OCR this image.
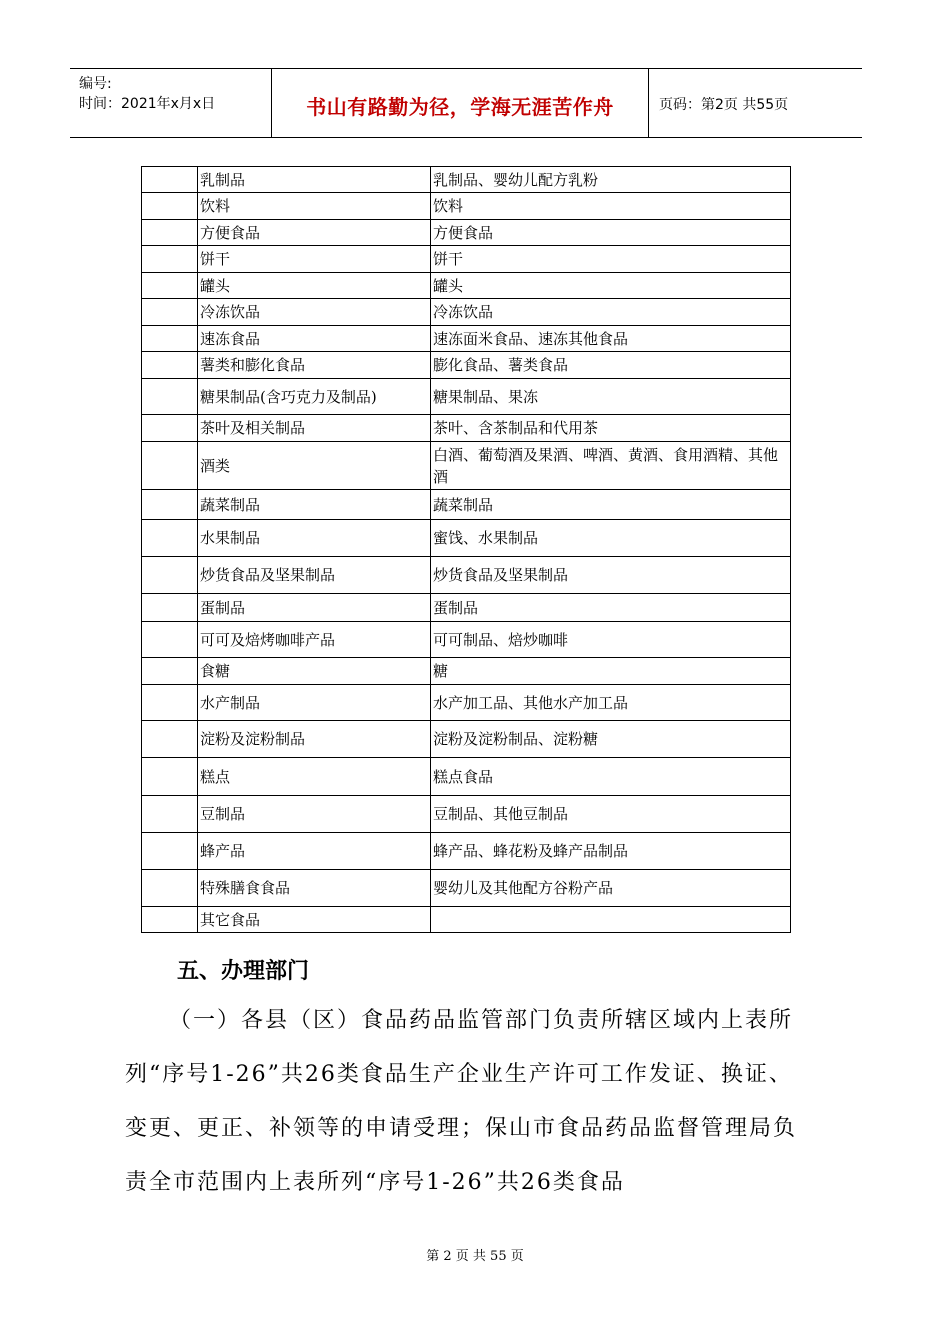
编号:
时间：2021年x月x日	书山有路勤为径，学海无涯苦作舟	页码：第2页 共55页
	乳制品	乳制品、婴幼儿配方乳粉
	饮料	饮料
	方便食品	方便食品
	饼干	饼干
	罐头	罐头
	冷冻饮品	冷冻饮品
	速冻食品	速冻面米食品、速冻其他食品
	薯类和膨化食品	膨化食品、薯类食品
	糖果制品(含巧克力及制品)	糖果制品、果冻
	茶叶及相关制品	茶叶、含茶制品和代用茶
	酒类	白酒、葡萄酒及果酒、啤酒、黄酒、食用酒精、其他酒
	蔬菜制品	蔬菜制品
	水果制品	蜜饯、水果制品
	炒货食品及坚果制品	炒货食品及坚果制品
	蛋制品	蛋制品
	可可及焙烤咖啡产品	可可制品、焙炒咖啡
	食糖	糖
	水产制品	水产加工品、其他水产加工品
	淀粉及淀粉制品	淀粉及淀粉制品、淀粉糖
	糕点	糕点食品
	豆制品	豆制品、其他豆制品
	蜂产品	蜂产品、蜂花粉及蜂产品制品
	特殊膳食食品	婴幼儿及其他配方谷粉产品
	其它食品	
五、办理部门
（一）各县（区）食品药品监管部门负责所辖区域内上表所列“序号1-26”共26类食品生产企业生产许可工作发证、换证、变更、更正、补领等的申请受理；保山市食品药品监督管理局负责全市范围内上表所列“序号1-26”共26类食品
第 2 页 共 55 页
